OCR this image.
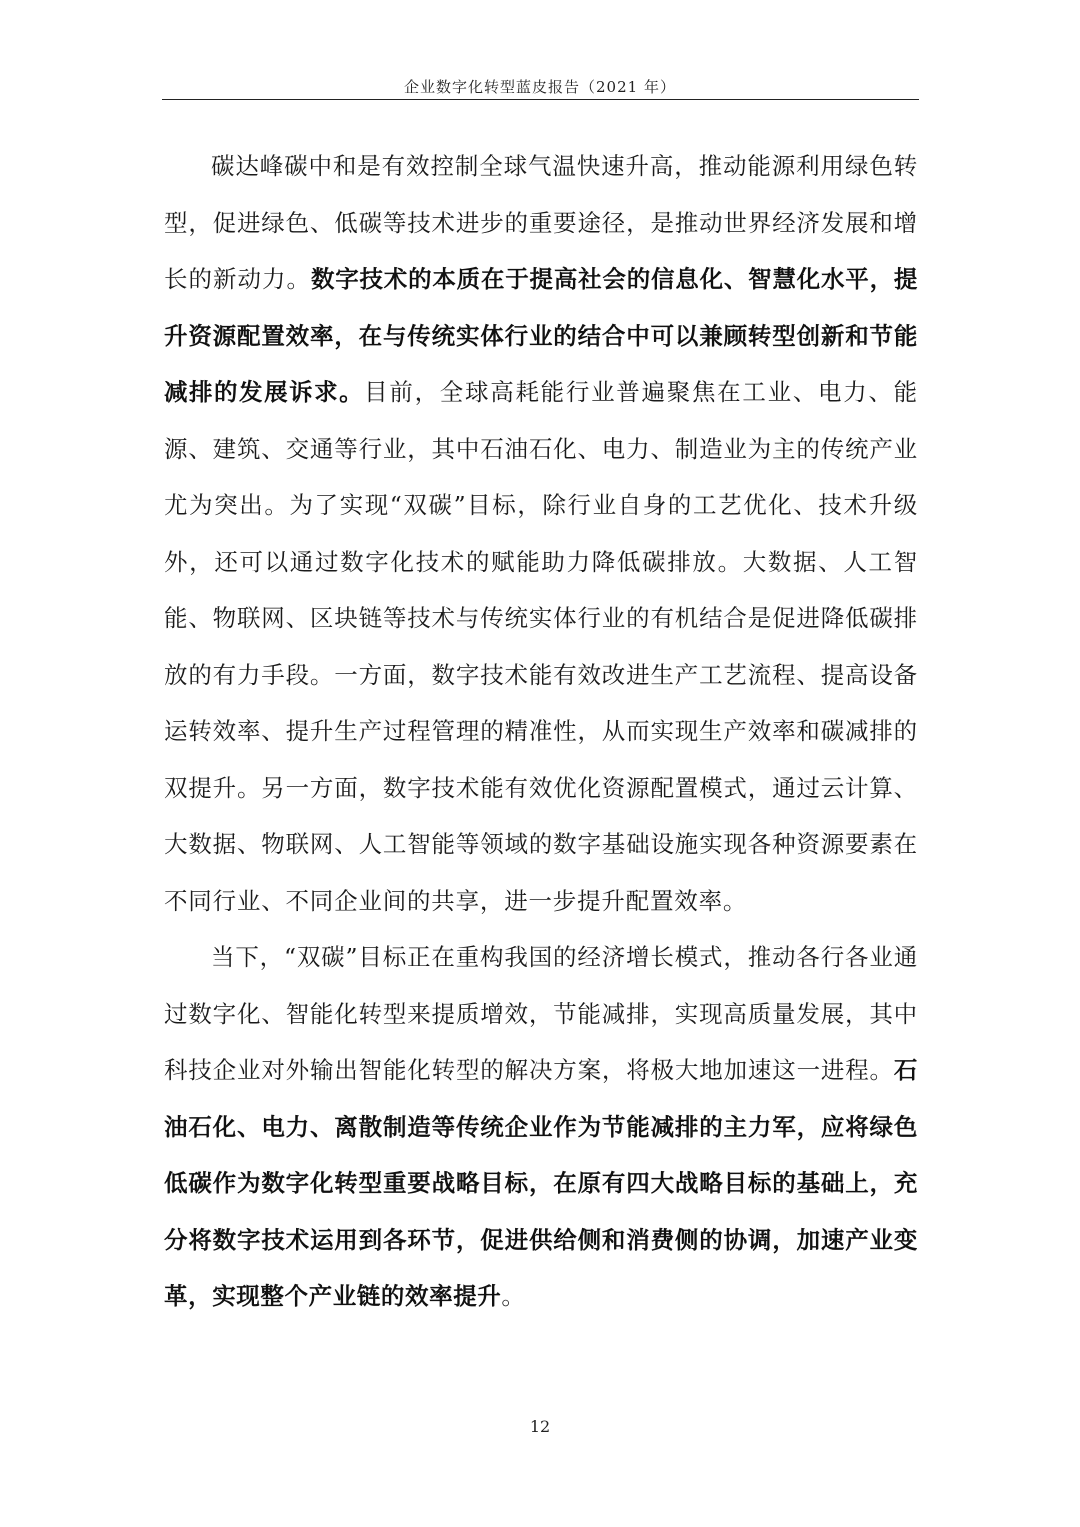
企业数字化转型蓝皮报告（2021 年）

碳达峰碳中和是有效控制全球气温快速升高，推动能源利用绿色转型，促进绿色、低碳等技术进步的重要途径，是推动世界经济发展和增长的新动力。数字技术的本质在于提高社会的信息化、智慧化水平，提升资源配置效率，在与传统实体行业的结合中可以兼顾转型创新和节能减排的发展诉求。目前，全球高耗能行业普遍聚焦在工业、电力、能源、建筑、交通等行业，其中石油石化、电力、制造业为主的传统产业尤为突出。为了实现“双碳”目标，除行业自身的工艺优化、技术升级外，还可以通过数字化技术的赋能助力降低碳排放。大数据、人工智能、物联网、区块链等技术与传统实体行业的有机结合是促进降低碳排放的有力手段。一方面，数字技术能有效改进生产工艺流程、提高设备运转效率、提升生产过程管理的精准性，从而实现生产效率和碳减排的双提升。另一方面，数字技术能有效优化资源配置模式，通过云计算、大数据、物联网、人工智能等领域的数字基础设施实现各种资源要素在不同行业、不同企业间的共享，进一步提升配置效率。

当下，“双碳”目标正在重构我国的经济增长模式，推动各行各业通过数字化、智能化转型来提质增效，节能减排，实现高质量发展，其中科技企业对外输出智能化转型的解决方案，将极大地加速这一进程。石油石化、电力、离散制造等传统企业作为节能减排的主力军，应将绿色低碳作为数字化转型重要战略目标，在原有四大战略目标的基础上，充分将数字技术运用到各环节，促进供给侧和消费侧的协调，加速产业变革，实现整个产业链的效率提升。

12
